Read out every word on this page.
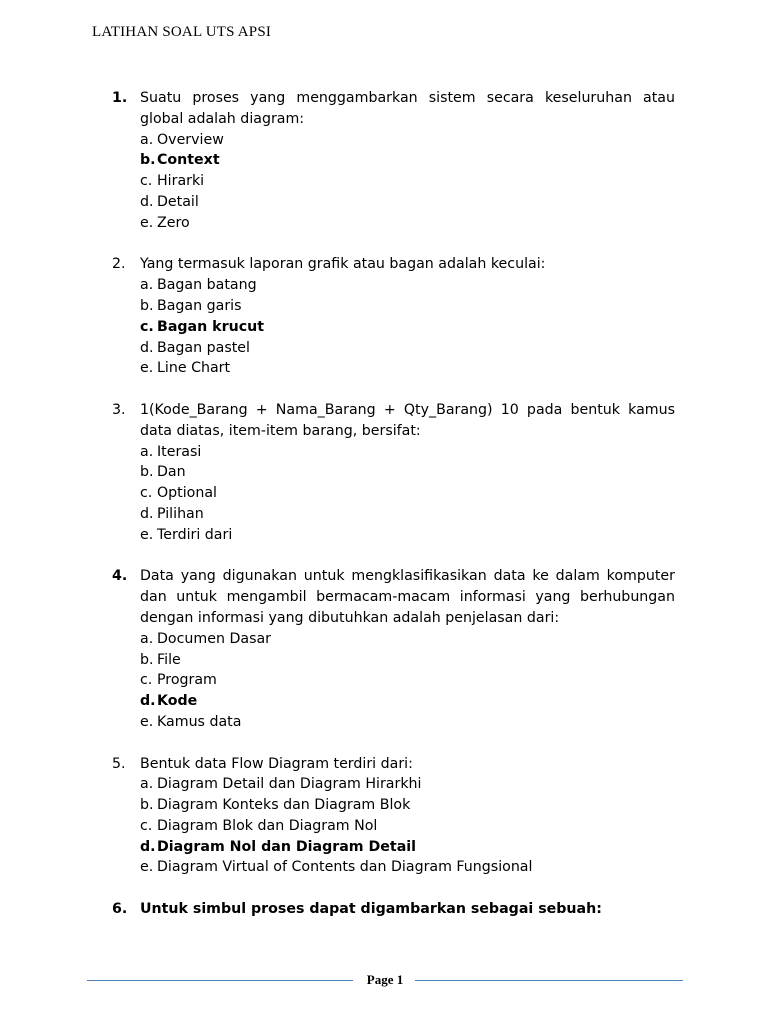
LATIHAN SOAL UTS APSI
1. Suatu proses yang menggambarkan sistem secara keseluruhan atau global adalah diagram:
a. Overview
b. Context
c. Hirarki
d. Detail
e. Zero
2.	Yang termasuk laporan grafik atau bagan adalah keculai:
a. Bagan batang
b. Bagan garis
c. Bagan krucut
d. Bagan pastel
e. Line Chart
3.	1(Kode_Barang + Nama_Barang + Qty_Barang) 10 pada bentuk kamus data diatas, item-item barang, bersifat:
a. Iterasi
b. Dan
c. Optional
d. Pilihan
e. Terdiri dari
4. Data yang digunakan untuk mengklasifikasikan data ke dalam komputer dan untuk mengambil bermacam-macam informasi yang berhubungan dengan informasi yang dibutuhkan adalah penjelasan dari:
a. Documen Dasar
b. File
c. Program
d. Kode
e. Kamus data
5.	Bentuk data Flow Diagram terdiri dari:
a. Diagram Detail dan Diagram Hirarkhi
b. Diagram Konteks dan Diagram Blok
c. Diagram Blok dan Diagram Nol
d. Diagram Nol dan Diagram Detail
e. Diagram Virtual of Contents dan Diagram Fungsional
6. Untuk simbul proses dapat digambarkan sebagai sebuah:
Page 1
